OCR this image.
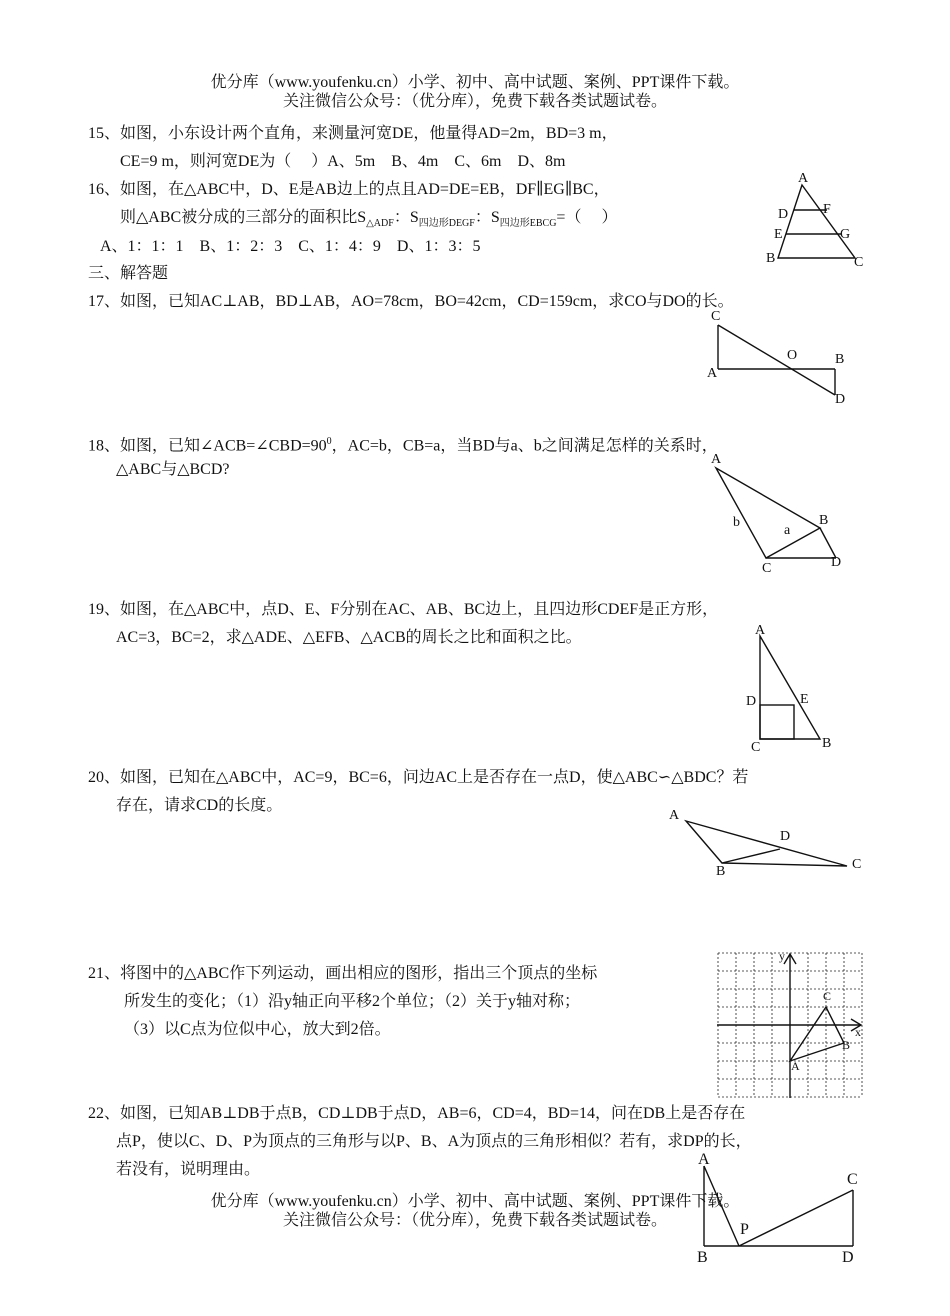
优分库（www.youfenku.cn）小学、初中、高中试题、案例、PPT课件下载。
关注微信公众号：（优分库），免费下载各类试题试卷。
15、如图，小东设计两个直角，来测量河宽DE，他量得AD=2m，BD=3 m，
CE=9 m，则河宽DE为（　 ）A、5m　B、4m　C、6m　D、8m
16、如图，在△ABC中，D、E是AB边上的点且AD=DE=EB，DF∥EG∥BC，
则△ABC被分成的三部分的面积比$S_{\triangle ADF}$：$S_{四边形DEGF}$：$S_{四边形EBCG}=$（　 ）
A、1：1：1　B、1：2：3　C、1：4：9　D、1：3：5
A
D F
E	G
B	C
三、解答题
17、如图，已知AC⊥AB，BD⊥AB，AO=78cm，BO=42cm，CD=159cm，求CO与DO的长。
C
O	B
A
D
18、如图，已知$\angle ACB=\angle CBD=90^0$，AC=b，CB=a，当BD与a、b之间满足怎样的关系时，
△ABC与△BCD?
A
b
a
B
C	D
19、如图，在△ABC中，点D、E、F分别在AC、AB、BC边上，且四边形CDEF是正方形，
AC=3，BC=2，求△ADE、△EFB、△ACB的周长之比和面积之比。	A
D	E
C	B
20、如图，已知在△ABC中，AC=9，BC=6，问边AC上是否存在一点D，使△ABC∽△BDC？若
存在，请求CD的长度。
A
D
B	C
21、将图中的△ABC作下列运动，画出相应的图形，指出三个顶点的坐标
所发生的变化；（1）沿y轴正向平移2个单位；（2）关于y轴对称；
（3）以C点为位似中心，放大到2倍。
y
x
A
B
C
22、如图，已知AB⊥DB于点B，CD⊥DB于点D，AB=6，CD=4，BD=14，问在DB上是否存在
点P，使以C、D、P为顶点的三角形与以P、B、A为顶点的三角形相似？若有，求DP的长，
若没有，说明理由。
优分库（www.youfenku.cn）小学、初中、高中试题、案例、PPT课件下载。
关注微信公众号：（优分库），免费下载各类试题试卷。
A
C
P
B	D
